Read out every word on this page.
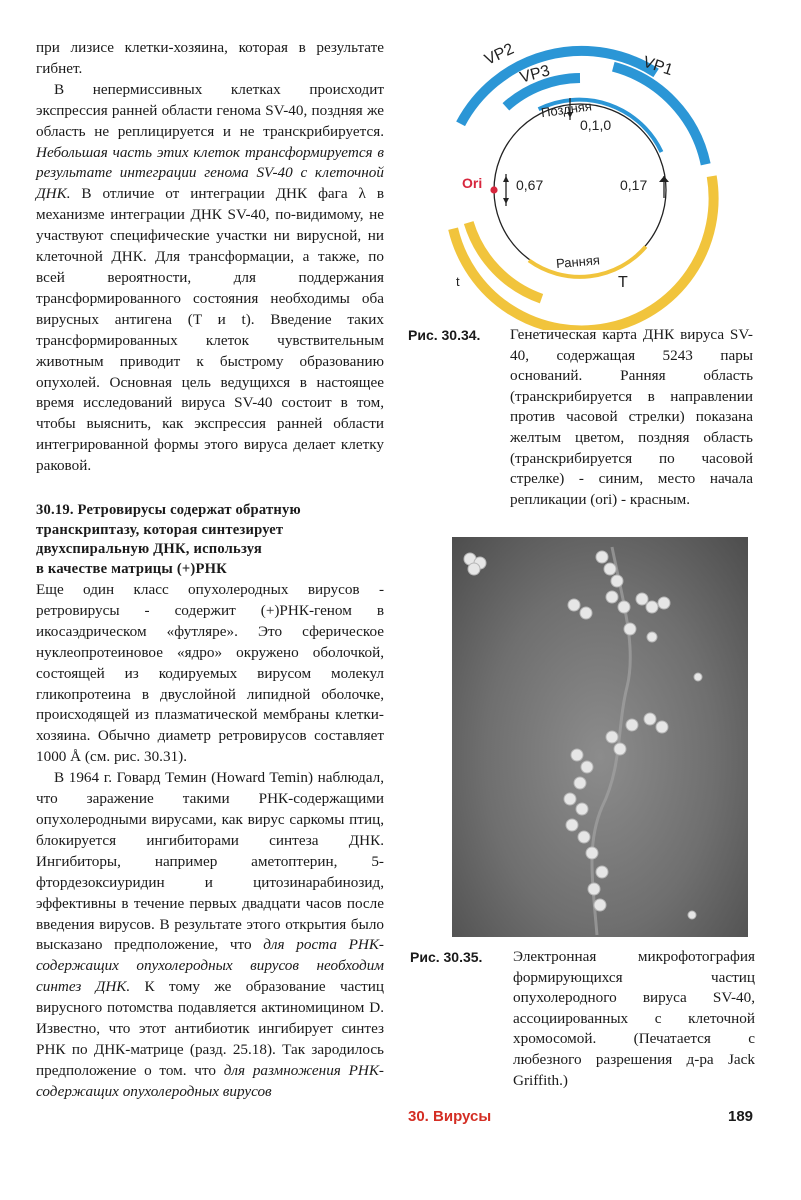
при лизисе клетки-хозяина, которая в результате гибнет.

В непермиссивных клетках происходит экспрессия ранней области генома SV-40, поздняя же область не реплицируется и не транскрибируется. Небольшая часть этих клеток трансформируется в результате интеграции генома SV-40 с клеточной ДНК. В отличие от интеграции ДНК фага λ в механизме интеграции ДНК SV-40, по-видимому, не участвуют специфические участки ни вирусной, ни клеточной ДНК. Для трансформации, а также, по всей вероятности, для поддержания трансформированного состояния необходимы оба вирусных антигена (T и t). Введение таких трансформированных клеток чувствительным животным приводит к быстрому образованию опухолей. Основная цель ведущихся в настоящее время исследований вируса SV-40 состоит в том, чтобы выяснить, как экспрессия ранней области интегрированной формы этого вируса делает клетку раковой.

30.19. Ретровирусы содержат обратную
транскриптазу, которая синтезирует
двухспиральную ДНК, используя
в качестве матрицы (+)РНК

Еще один класс опухолеродных вирусов - ретровирусы - содержит (+)РНК-геном в икосаэдрическом «футляре». Это сферическое нуклеопротеиновое «ядро» окружено оболочкой, состоящей из кодируемых вирусом молекул гликопротеина в двуслойной липидной оболочке, происходящей из плазматической мембраны клетки-хозяина. Обычно диаметр ретровирусов составляет 1000 Å (см. рис. 30.31).

В 1964 г. Говард Темин (Howard Temin) наблюдал, что заражение такими РНК-содержащими опухолеродными вирусами, как вирус саркомы птиц, блокируется ингибиторами синтеза ДНК. Ингибиторы, например аметоптерин, 5-фтордезоксиуридин и цитозинарабинозид, эффективны в течение первых двадцати часов после введения вирусов. В результате этого открытия было высказано предположение, что для роста РНК-содержащих опухолеродных вирусов необходим синтез ДНК. К тому же образование частиц вирусного потомства подавляется актиномицином D. Известно, что этот антибиотик ингибирует синтез РНК по ДНК-матрице (разд. 25.18). Так зародилось предположение о том. что для размножения РНК-содержащих опухолеродных вирусов

VP2
VP3	VP1
Поздняя
Ранняя
0,1,0
0,67	0,17
Ori
T
t
Рис. 30.34. Генетическая карта ДНК вируса SV-40, содержащая 5243 пары оснований. Ранняя область (транскрибируется в направлении против часовой стрелки) показана желтым цветом, поздняя область (транскрибируется по часовой стрелке) - синим, место начала репликации (ori) - красным.
Рис. 30.35. Электронная микрофотография формирующихся частиц опухолеродного вируса SV-40, ассоциированных с клеточной хромосомой. (Печатается с любезного разрешения д-ра Jack Griffith.)
30. Вирусы	189
